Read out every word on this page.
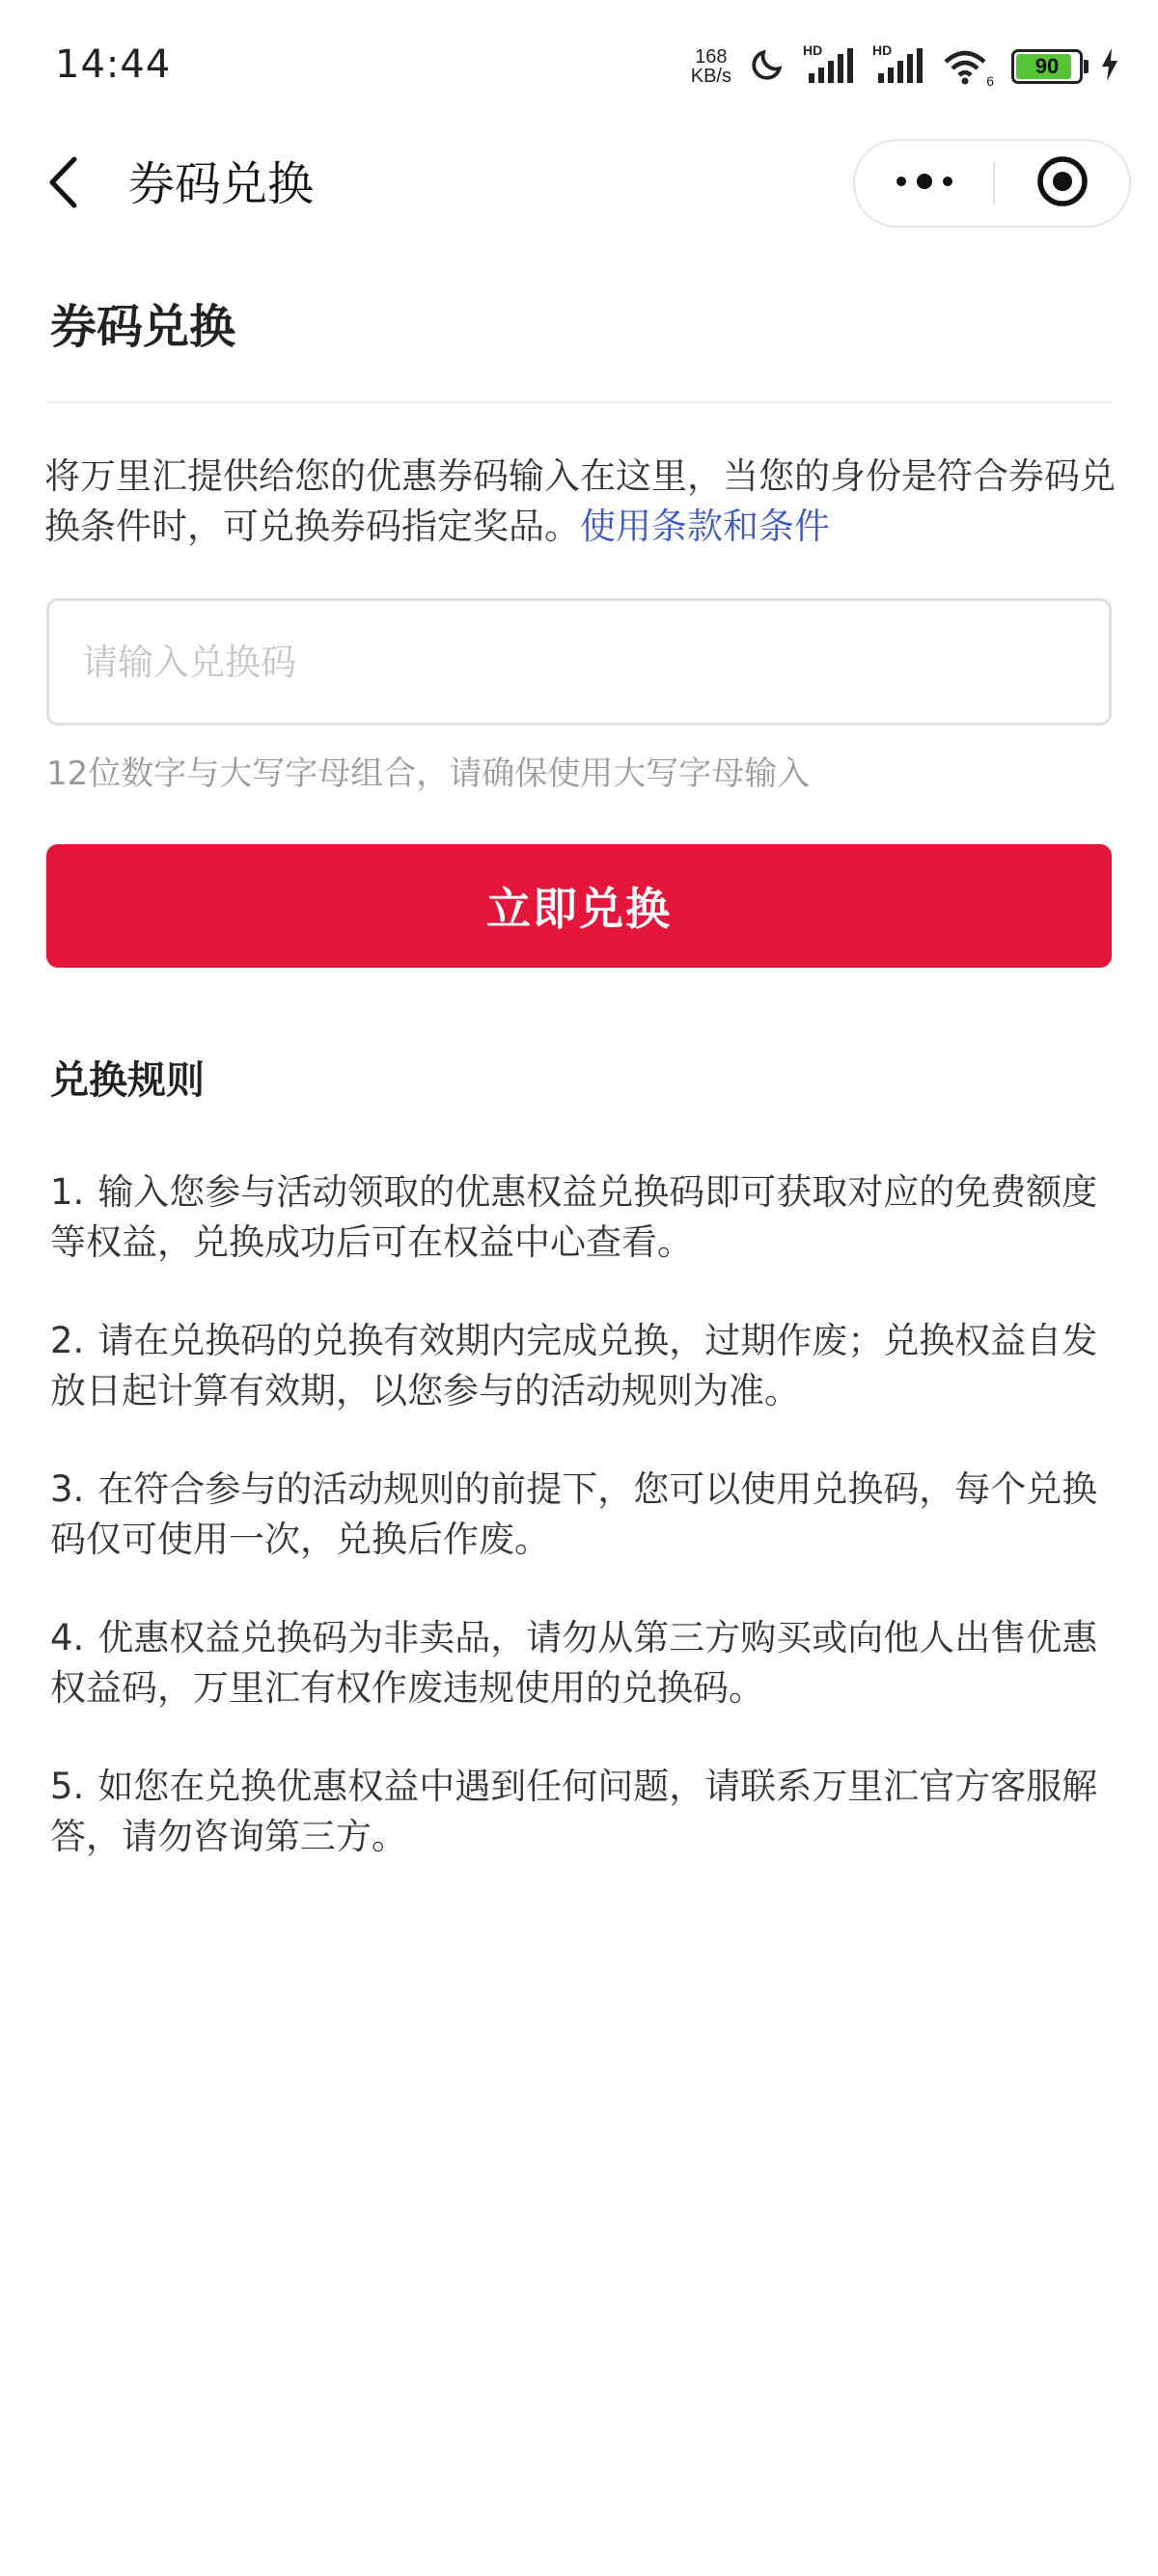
14:44	168
KB/s
HD	HD
6
90
券码兑换
券码兑换
将万里汇提供给您的优惠券码输入在这里，当您的身份是符合券码兑换条件时，可兑换券码指定奖品。使用条款和条件
请输入兑换码
12位数字与大写字母组合，请确保使用大写字母输入
立即兑换
兑换规则
1. 输入您参与活动领取的优惠权益兑换码即可获取对应的免费额度等权益，兑换成功后可在权益中心查看。
2. 请在兑换码的兑换有效期内完成兑换，过期作废；兑换权益自发放日起计算有效期，以您参与的活动规则为准。
3. 在符合参与的活动规则的前提下，您可以使用兑换码，每个兑换码仅可使用一次，兑换后作废。
4. 优惠权益兑换码为非卖品，请勿从第三方购买或向他人出售优惠权益码，万里汇有权作废违规使用的兑换码。
5. 如您在兑换优惠权益中遇到任何问题，请联系万里汇官方客服解答，请勿咨询第三方。
